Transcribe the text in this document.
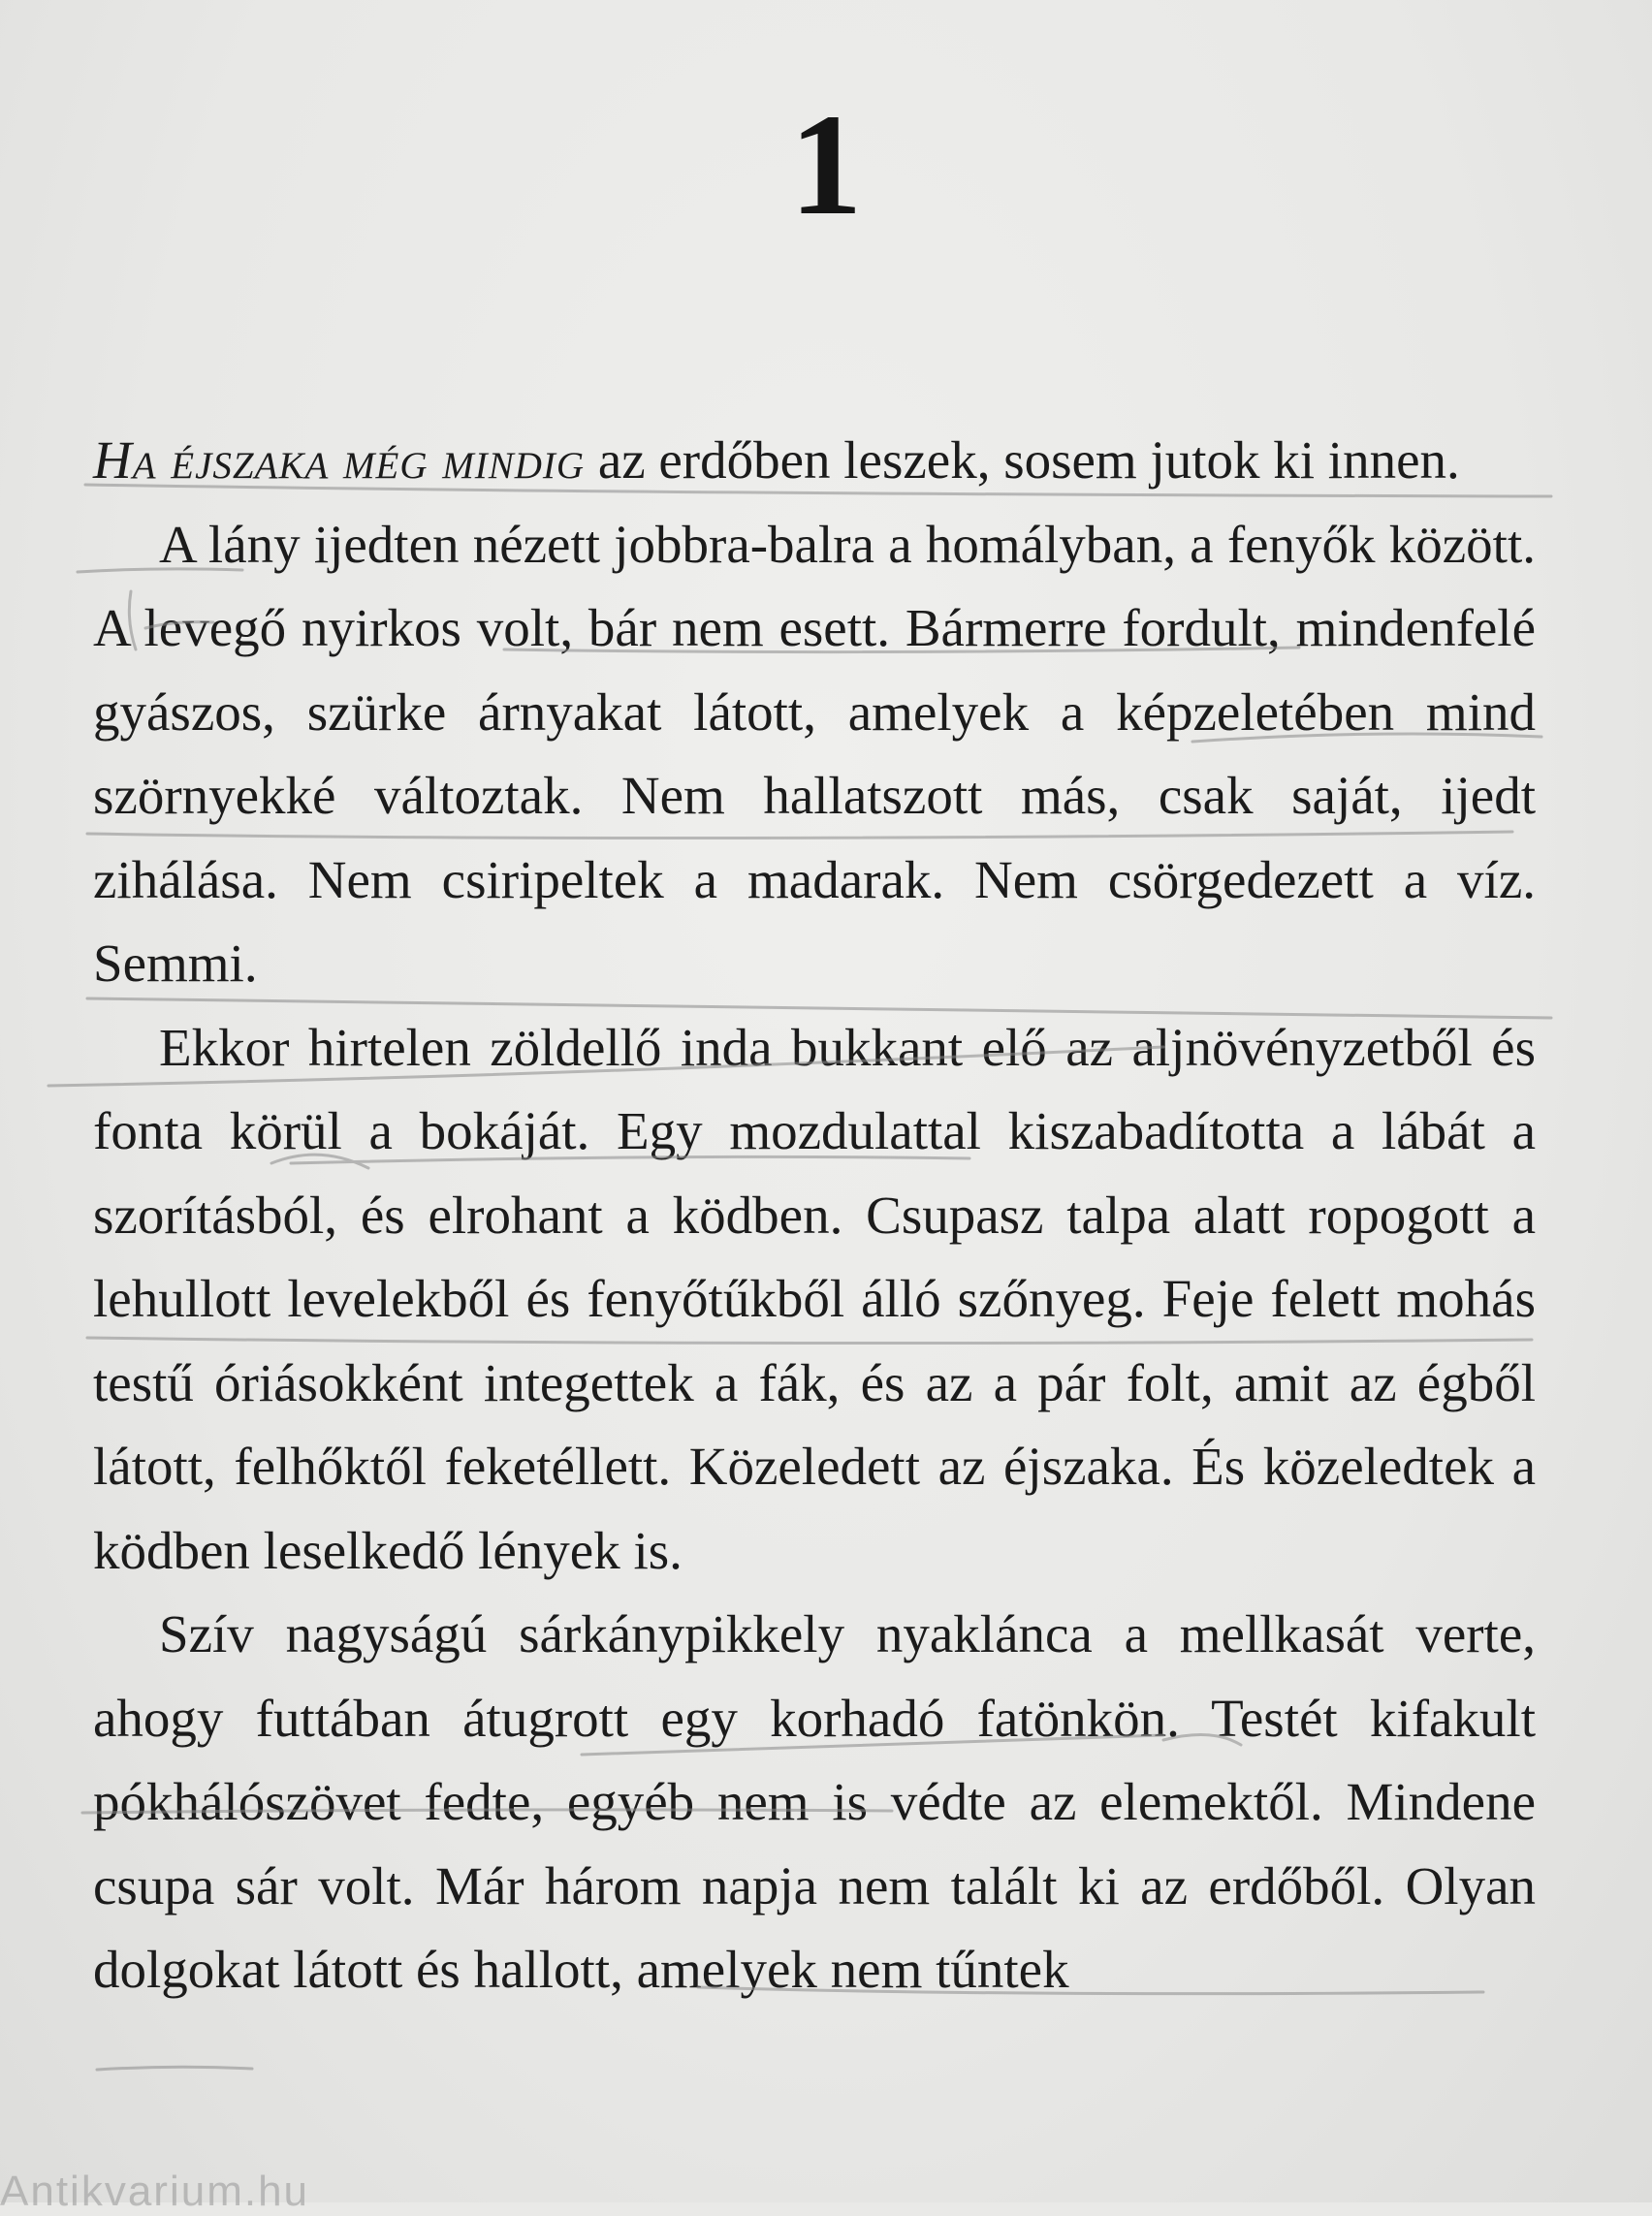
1

Ha éjszaka még mindig az erdőben leszek, sosem jutok ki innen.

A lány ijedten nézett jobbra-balra a homályban, a fenyők között. A levegő nyirkos volt, bár nem esett. Bármerre fordult, mindenfelé gyászos, szürke árnyakat látott, amelyek a képzeletében mind szörnyekké változtak. Nem hallatszott más, csak saját, ijedt zihálása. Nem csiripeltek a madarak. Nem csörgedezett a víz. Semmi.

Ekkor hirtelen zöldellő inda bukkant elő az aljnövényzetből és fonta körül a bokáját. Egy mozdulattal kiszabadította a lábát a szorításból, és elrohant a ködben. Csupasz talpa alatt ropogott a lehullott levelekből és fenyőtűkből álló szőnyeg. Feje felett mohás testű óriásokként integettek a fák, és az a pár folt, amit az égből látott, felhőktől feketéllett. Közeledett az éjszaka. És közeledtek a ködben leselkedő lények is.

Szív nagyságú sárkánypikkely nyaklánca a mellkasát verte, ahogy futtában átugrott egy korhadó fatönkön. Testét kifakult pókhálószövet fedte, egyéb nem is védte az elemektől. Mindene csupa sár volt. Már három napja nem talált ki az erdőből. Olyan dolgokat látott és hallott, amelyek nem tűntek

Antikvarium.hu
